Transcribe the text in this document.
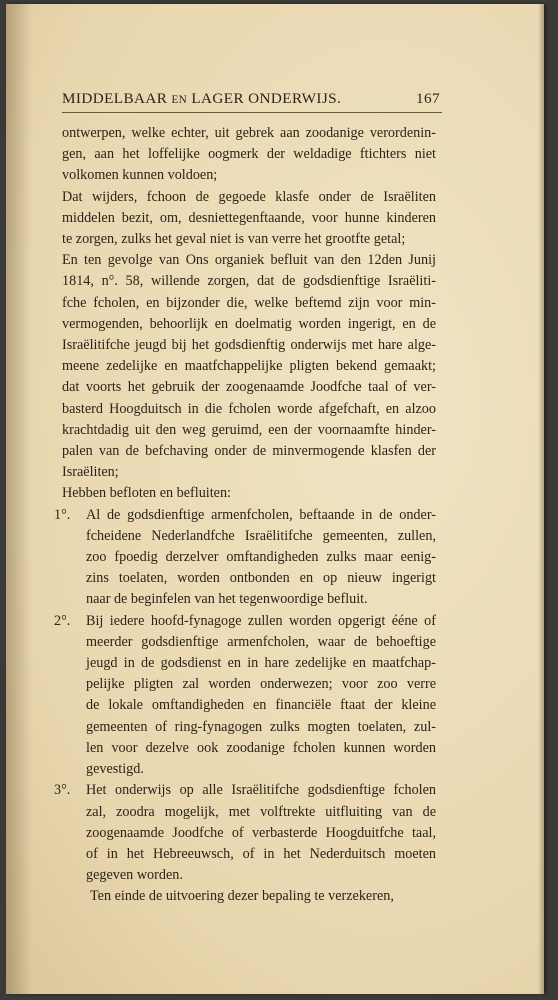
MIDDELBAAR EN LAGER ONDERWIJS.	167
ontwerpen, welke echter, uit gebrek aan zoodanige verordenin-
gen, aan het loffelijke oogmerk der weldadige ftichters niet
volkomen kunnen voldoen;
Dat wijders, fchoon de gegoede klasfe onder de Israëliten
middelen bezit, om, desniettegenftaande, voor hunne kinderen
te zorgen, zulks het geval niet is van verre het grootfte getal;
En ten gevolge van Ons organiek befluit van den 12den Junij
1814, n°. 58, willende zorgen, dat de godsdienftige Israëliti-
fche fcholen, en bijzonder die, welke beftemd zijn voor min-
vermogenden, behoorlijk en doelmatig worden ingerigt, en de
Israëlitifche jeugd bij het godsdienftig onderwijs met hare alge-
meene zedelijke en maatfchappelijke pligten bekend gemaakt;
dat voorts het gebruik der zoogenaamde Joodfche taal of ver-
basterd Hoogduitsch in die fcholen worde afgefchaft, en alzoo
krachtdadig uit den weg geruimd, een der voornaamfte hinder-
palen van de befchaving onder de minvermogende klasfen der
Israëliten;
Hebben befloten en befluiten:
1°. Al de godsdienftige armenfcholen, beftaande in de onder-
fcheidene Nederlandfche Israëlitifche gemeenten, zullen,
zoo fpoedig derzelver omftandigheden zulks maar eenig-
zins toelaten, worden ontbonden en op nieuw ingerigt
naar de beginfelen van het tegenwoordige befluit.
2°. Bij iedere hoofd-fynagoge zullen worden opgerigt ééne of
meerder godsdienftige armenfcholen, waar de behoeftige
jeugd in de godsdienst en in hare zedelijke en maatfchap-
pelijke pligten zal worden onderwezen; voor zoo verre
de lokale omftandigheden en financiële ftaat der kleine
gemeenten of ring-fynagogen zulks mogten toelaten, zul-
len voor dezelve ook zoodanige fcholen kunnen worden
gevestigd.
3°. Het onderwijs op alle Israëlitifche godsdienftige fcholen
zal, zoodra mogelijk, met volftrekte uitfluiting van de
zoogenaamde Joodfche of verbasterde Hoogduitfche taal,
of in het Hebreeuwsch, of in het Nederduitsch moeten
gegeven worden.
Ten einde de uitvoering dezer bepaling te verzekeren,
